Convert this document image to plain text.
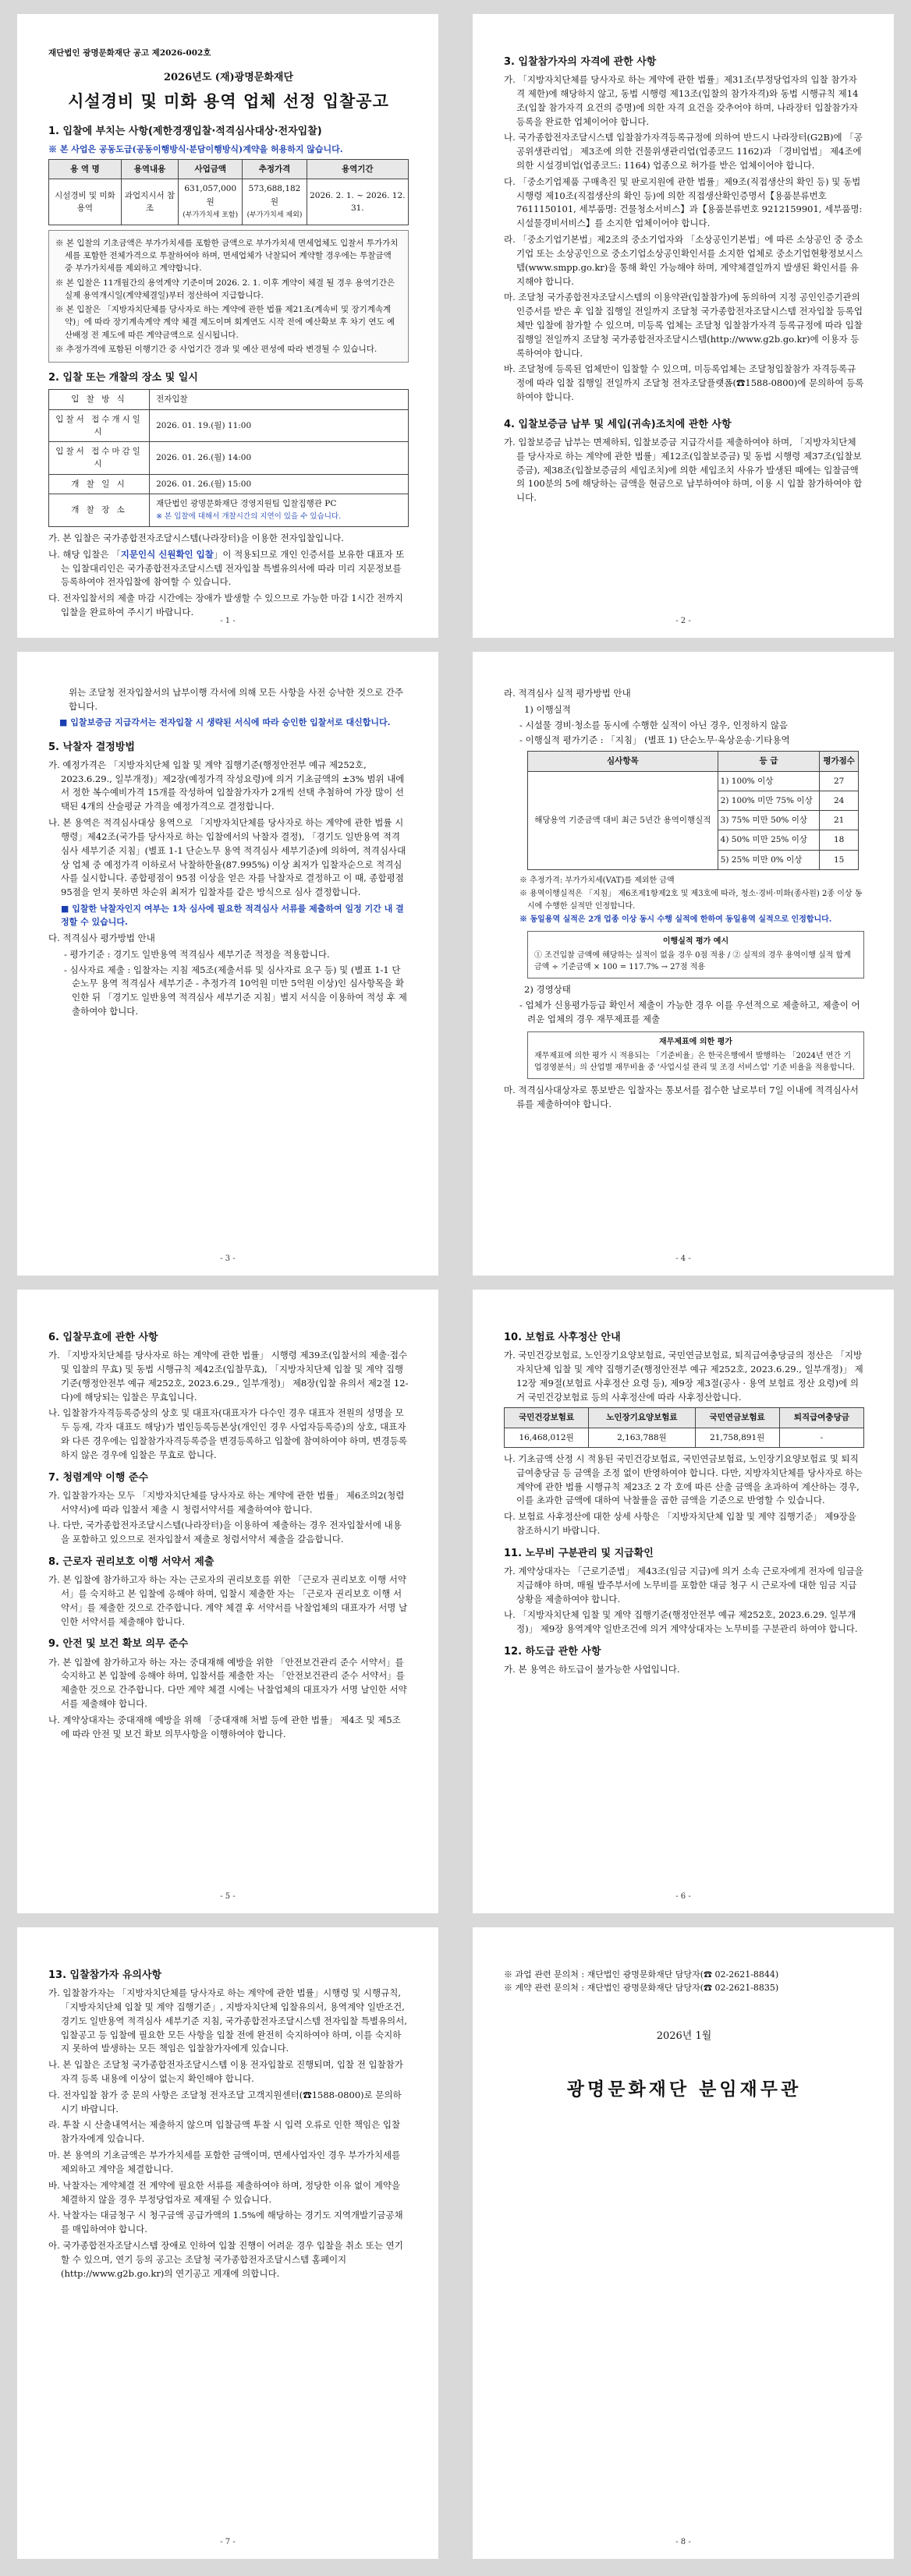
재단법인 광명문화재단 공고 제2026-002호
2026년도 (재)광명문화재단
시설경비 및 미화 용역 업체 선정 입찰공고
1. 입찰에 부치는 사항(제한경쟁입찰·적격심사대상·전자입찰)
※ 본 사업은 공동도급(공동이행방식·분담이행방식)계약을 허용하지 않습니다.
용 역 명	용역내용	사업금액	추정가격	용역기간
시설경비 및 미화 용역	과업지시서 참 조	631,057,000원
(부가가치세 포함)	573,688,182원
(부가가치세 제외)	2026. 2. 1. ~ 2026. 12. 31.

※ 본 입찰의 기초금액은 부가가치세를 포함한 금액으로 부가가치세 면세업체도 입찰서 투가가치세를 포함한 전체가격으로 투찰하여야 하며, 면세업체가 낙찰되어 계약할 경우에는 투찰금액 중 부가가치세를 제외하고 계약합니다.

※ 본 입찰은 11개월간의 용역계약 기준이며 2026. 2. 1. 이후 계약이 체결 될 경우 용역기간은 실제 용역개시일(계약체결일)부터 정산하여 지급합니다.

※ 본 입찰은 「지방자치단체를 당사자로 하는 계약에 관한 법률 제21조(계속비 및 장기계속계약)」에 따라 장기계속계약 계약 체결 제도이며 회계연도 시작 전에 예산확보 후 차기 연도 예산배정 전 제도에 따른 계약금액으로 실시됩니다.

※ 추정가격에 포함된 이행기간 중 사업기간 경과 및 예산 편성에 따라 변경될 수 있습니다.

2. 입찰 또는 개찰의 장소 및 일시
입 찰 방 식	전자입찰
입찰서 접수개시일시	2026. 01. 19.(월) 11:00
입찰서 접수마감일시	2026. 01. 26.(월) 14:00
개 찰 일 시	2026. 01. 26.(월) 15:00
개 찰 장 소	재단법인 광명문화재단 경영지원팀 입찰집행관 PC
※ 본 입찰에 대해서 개찰시간의 지연이 있을 수 있습니다.

가. 본 입찰은 국가종합전자조달시스템(나라장터)을 이용한 전자입찰입니다.

나. 해당 입찰은 「지문인식 신원확인 입찰」이 적용되므로 개인 인증서를 보유한 대표자 또는 입찰대리인은 국가종합전자조달시스템 전자입찰 특별유의서에 따라 미리 지문정보를 등록하여야 전자입찰에 참여할 수 있습니다.

다. 전자입찰서의 제출 마감 시간에는 장애가 발생할 수 있으므로 가능한 마감 1시간 전까지 입찰을 완료하여 주시기 바랍니다.

- 1 -
3. 입찰참가자의 자격에 관한 사항

가. 「지방자치단체를 당사자로 하는 계약에 관한 법률」제31조(부정당업자의 입찰 참가자격 제한)에 해당하지 않고, 동법 시행령 제13조(입찰의 참가자격)와 동법 시행규칙 제14조(입찰 참가자격 요건의 증명)에 의한 자격 요건을 갖추어야 하며, 나라장터 입찰참가자 등록을 완료한 업체이어야 합니다.

나. 국가종합전자조달시스템 입찰참가자격등록규정에 의하여 반드시 나라장터(G2B)에 「공공위생관리업」 제3조에 의한 건물위생관리업(업종코드 1162)과 「경비업법」 제4조에 의한 시설경비업(업종코드: 1164) 업종으로 허가를 받은 업체이어야 합니다.

다. 「중소기업제품 구매촉진 및 판로지원에 관한 법률」제9조(직접생산의 확인 등) 및 동법 시행령 제10조(직접생산의 확인 등)에 의한 직접생산확인증명서【용품분류번호 7611150101, 세부품명: 건물청소서비스】과【용품분류번호 9212159901, 세부품명: 시설물경비서비스】를 소지한 업체이어야 합니다.

라. 「중소기업기본법」제2조의 중소기업자와 「소상공인기본법」에 따른 소상공인 중 중소기업 또는 소상공인으로 중소기업소상공인확인서를 소지한 업체로 중소기업현황정보시스템(www.smpp.go.kr)을 통해 확인 가능해야 하며, 계약체결일까지 발생된 확인서를 유지해야 합니다.

마. 조달청 국가종합전자조달시스템의 이용약관(입찰참가)에 동의하여 지정 공인인증기관의 인증서를 받은 후 입찰 집행일 전일까지 조달청 국가종합전자조달시스템 전자입찰 등록업체만 입찰에 참가할 수 있으며, 미등록 업체는 조달청 입찰참가자격 등록규정에 따라 입찰 집행일 전일까지 조달청 국가종합전자조달시스템(http://www.g2b.go.kr)에 이용자 등록하여야 합니다.

바. 조달청에 등록된 업체만이 입찰할 수 있으며, 미등록업체는 조달청입찰참가 자격등록규정에 따라 입찰 집행일 전일까지 조달청 전자조달플랫폼(☎1588-0800)에 문의하여 등록하여야 합니다.

4. 입찰보증금 납부 및 세입(귀속)조치에 관한 사항

가. 입찰보증금 납부는 면제하되, 입찰보증금 지급각서를 제출하여야 하며, 「지방자치단체를 당사자로 하는 계약에 관한 법률」제12조(입찰보증금) 및 동법 시행령 제37조(입찰보증금), 제38조(입찰보증금의 세입조치)에 의한 세입조치 사유가 발생된 때에는 입찰금액의 100분의 5에 해당하는 금액을 현금으로 납부하여야 하며, 이용 시 입찰 참가하여야 합니다.

- 2 -

위는 조달청 전자입찰서의 납부이행 각서에 의해 모든 사항을 사전 승낙한 것으로 간주합니다.

■ 입찰보증금 지급각서는 전자입찰 시 생략된 서식에 따라 승인한 입찰서로 대신합니다.

5. 낙찰자 결정방법

가. 예정가격은 「지방자치단체 입찰 및 계약 집행기준(행정안전부 예규 제252호, 2023.6.29., 일부개정)」제2장(예정가격 작성요령)에 의거 기초금액의 ±3% 범위 내에서 정한 복수예비가격 15개를 작성하여 입찰참가자가 2개씩 선택 추첨하여 가장 많이 선택된 4개의 산술평균 가격을 예정가격으로 결정합니다.

나. 본 용역은 적격심사대상 용역으로 「지방자치단체를 당사자로 하는 계약에 관한 법률 시행령」제42조(국가를 당사자로 하는 입찰에서의 낙찰자 결정), 「경기도 일반용역 적격심사 세부기준 지침」(별표 1-1 단순노무 용역 적격심사 세부기준)에 의하여, 적격심사대상 업체 중 예정가격 이하로서 낙찰하한율(87.995%) 이상 최저가 입찰자순으로 적격심사를 실시합니다. 종합평점이 95점 이상을 얻은 자를 낙찰자로 결정하고 이 때, 종합평점 95점을 얻지 못하면 차순위 최저가 입찰자를 같은 방식으로 심사 결정합니다.

■ 입찰한 낙찰자인지 여부는 1차 심사에 필요한 적격심사 서류를 제출하여 일정 기간 내 결정할 수 있습니다.

다. 적격심사 평가방법 안내

- 평가기준 : 경기도 일반용역 적격심사 세부기준 적정을 적용합니다.

- 심사자료 제출 : 입찰자는 지침 제5조(제출서류 및 심사자료 요구 등) 및 (별표 1-1 단순노무 용역 적격심사 세부기준 - 추정가격 10억원 미만 5억원 이상)인 심사항목을 확인한 뒤 「경기도 일반용역 적격심사 세부기준 지침」별지 서식을 이용하여 적성 후 제출하여야 합니다.

- 3 -

라. 적격심사 실적 평가방법 안내

1) 이행실적

- 시설물 경비·청소를 동시에 수행한 실적이 아닌 경우, 인정하지 않음

- 이행실적 평가기준 : 「지침」 (별표 1) 단순노무·육상운송·기타용역

심사항목	등 급	평가점수
해당용역 기준금액 대비 최근 5년간 용역이행실적	1) 100% 이상	27
	2) 100% 미만 75% 이상	24
	3) 75% 미만 50% 이상	21
	4) 50% 미만 25% 이상	18
	5) 25% 미만 0% 이상	15

※ 추정가격: 부가가치세(VAT)를 제외한 금액

※ 용역이행실적은 「지침」 제6조제1항제2호 및 제3호에 따라, 청소·경비·미화(종사원) 2종 이상 동시에 수행한 실적만 인정합니다.

※ 동일용역 실적은 2개 업종 이상 동시 수행 실적에 한하여 동일용역 실적으로 인정합니다.

이행실적 평가 예시
① 조건입찰 금액에 해당하는 실적이 없을 경우 0점 적용 / ② 실적의 경우 용역이행 실적 합계 금액 ÷ 기준금액 × 100 = 117.7% → 27점 적용

2) 경영상태

- 업체가 신용평가등급 확인서 제출이 가능한 경우 이를 우선적으로 제출하고, 제출이 어려운 업체의 경우 재무제표를 제출

재무제표에 의한 평가
재무제표에 의한 평가 시 적용되는 「기준비율」은 한국은행에서 발행하는 「2024년 연간 기업경영분석」의 산업별 재무비율 중 '사업시설 관리 및 조경 서비스업' 기준 비율을 적용합니다.

마. 적격심사대상자로 통보받은 입찰자는 통보서를 접수한 날로부터 7일 이내에 적격심사서류를 제출하여야 합니다.

- 4 -
6. 입찰무효에 관한 사항

가. 「지방자치단체를 당사자로 하는 계약에 관한 법률」 시행령 제39조(입찰서의 제출·접수 및 입찰의 무효) 및 동법 시행규칙 제42조(입찰무효), 「지방자치단체 입찰 및 계약 집행기준(행정안전부 예규 제252호, 2023.6.29., 일부개정)」 제8장(입찰 유의서 제2절 12-다)에 해당되는 입찰은 무효입니다.

나. 입찰참가자격등록증상의 상호 및 대표자(대표자가 다수인 경우 대표자 전원의 성명을 모두 등재, 각자 대표도 해당)가 법인등록등본상(개인인 경우 사업자등록증)의 상호, 대표자와 다른 경우에는 입찰참가자격등록증을 변경등록하고 입찰에 참여하여야 하며, 변경등록하지 않은 경우에 입찰은 무효로 합니다.

7. 청렴계약 이행 준수

가. 입찰참가자는 모두 「지방자치단체를 당사자로 하는 계약에 관한 법률」 제6조의2(청렴서약서)에 따라 입찰서 제출 시 청렴서약서를 제출하여야 합니다.

나. 다만, 국가종합전자조달시스템(나라장터)을 이용하여 제출하는 경우 전자입찰서에 내용을 포함하고 있으므로 전자입찰서 제출로 청렴서약서 제출을 갈음합니다.

8. 근로자 권리보호 이행 서약서 제출

가. 본 입찰에 참가하고자 하는 자는 근로자의 권리보호를 위한 「근로자 권리보호 이행 서약서」를 숙지하고 본 입찰에 응해야 하며, 입찰시 제출한 자는 「근로자 권리보호 이행 서약서」를 제출한 것으로 간주합니다. 계약 체결 후 서약서를 낙찰업체의 대표자가 서명 날인한 서약서를 제출해야 합니다.

9. 안전 및 보건 확보 의무 준수

가. 본 입찰에 참가하고자 하는 자는 중대재해 예방을 위한 「안전보건관리 준수 서약서」를 숙지하고 본 입찰에 응해야 하며, 입찰서를 제출한 자는 「안전보건관리 준수 서약서」를 제출한 것으로 간주합니다. 다만 계약 체결 시에는 낙찰업체의 대표자가 서명 날인한 서약서를 제출해야 합니다.

나. 계약상대자는 중대재해 예방을 위해 「중대재해 처벌 등에 관한 법률」 제4조 및 제5조에 따라 안전 및 보건 확보 의무사항을 이행하여야 합니다.

- 5 -
10. 보험료 사후정산 안내

가. 국민건강보험료, 노인장기요양보험료, 국민연금보험료, 퇴직급여충당금의 정산은 「지방자치단체 입찰 및 계약 집행기준(행정안전부 예규 제252호, 2023.6.29., 일부개정)」 제12장 제9절(보험료 사후정산 요령 등), 제9장 제3절(공사 · 용역 보험료 정산 요령)에 의거 국민건강보험료 등의 사후정산에 따라 사후정산합니다.

국민건강보험료	노인장기요양보험료	국민연금보험료	퇴직급여충당금
16,468,012원	2,163,788원	21,758,891원	-

나. 기초금액 산정 시 적용된 국민건강보험료, 국민연금보험료, 노인장기요양보험료 및 퇴직급여충당금 등 금액을 조정 없이 반영하여야 합니다. 다만, 지방자치단체를 당사자로 하는 계약에 관한 법률 시행규칙 제23조 2 각 호에 따른 산출 금액을 초과하여 계산하는 경우, 이를 초과한 금액에 대하여 낙찰률을 곱한 금액을 기준으로 반영할 수 있습니다.

다. 보험료 사후정산에 대한 상세 사항은 「지방자치단체 입찰 및 계약 집행기준」 제9장을 참조하시기 바랍니다.

11. 노무비 구분관리 및 지급확인

가. 계약상대자는 「근로기준법」 제43조(임금 지급)에 의거 소속 근로자에게 전자에 임금을 지급해야 하며, 매월 발주부서에 노무비를 포함한 대금 청구 시 근로자에 대한 임금 지급 상황을 제출하여야 합니다.

나. 「지방자치단체 입찰 및 계약 집행기준(행정안전부 예규 제252호, 2023.6.29. 일부개정)」 제9장 용역계약 일반조건에 의거 계약상대자는 노무비를 구분관리 하여야 합니다.

12. 하도급 관한 사항

가. 본 용역은 하도급이 불가능한 사업입니다.

- 6 -
13. 입찰참가자 유의사항

가. 입찰참가자는 「지방자치단체를 당사자로 하는 계약에 관한 법률」시행령 및 시행규칙, 「지방자치단체 입찰 및 계약 집행기준」, 지방자치단체 입찰유의서, 용역계약 일반조건, 경기도 일반용역 적격심사 세부기준 지침, 국가종합전자조달시스템 전자입찰 특별유의서, 입찰공고 등 입찰에 필요한 모든 사항을 입찰 전에 완전히 숙지하여야 하며, 이를 숙지하지 못하여 발생하는 모든 책임은 입찰참가자에게 있습니다.

나. 본 입찰은 조달청 국가종합전자조달시스템 이용 전자입찰로 진행되며, 입찰 전 입찰참가자격 등록 내용에 이상이 없는지 확인해야 합니다.

다. 전자입찰 참가 중 문의 사항은 조달청 전자조달 고객지원센터(☎1588-0800)로 문의하시기 바랍니다.

라. 투찰 시 산출내역서는 제출하지 않으며 입찰금액 투찰 시 입력 오류로 인한 책임은 입찰참가자에게 있습니다.

마. 본 용역의 기초금액은 부가가치세를 포함한 금액이며, 면세사업자인 경우 부가가치세를 제외하고 계약을 체결합니다.

바. 낙찰자는 계약체결 전 계약에 필요한 서류를 제출하여야 하며, 정당한 이유 없이 계약을 체결하지 않을 경우 부정당업자로 제재될 수 있습니다.

사. 낙찰자는 대금청구 시 청구금액 공급가액의 1.5%에 해당하는 경기도 지역개발기금공채를 매입하여야 합니다.

아. 국가종합전자조달시스템 장애로 인하여 입찰 진행이 어려운 경우 입찰을 취소 또는 연기할 수 있으며, 연기 등의 공고는 조달청 국가종합전자조달시스템 홈페이지(http://www.g2b.go.kr)의 연기공고 게재에 의합니다.

- 7 -

※ 과업 관련 문의처 : 재단법인 광명문화재단 담당자(☎ 02-2621-8844)

※ 계약 관련 문의처 : 재단법인 광명문화재단 담당자(☎ 02-2621-8835)

2026년 1월
광명문화재단 분임재무관
- 8 -
